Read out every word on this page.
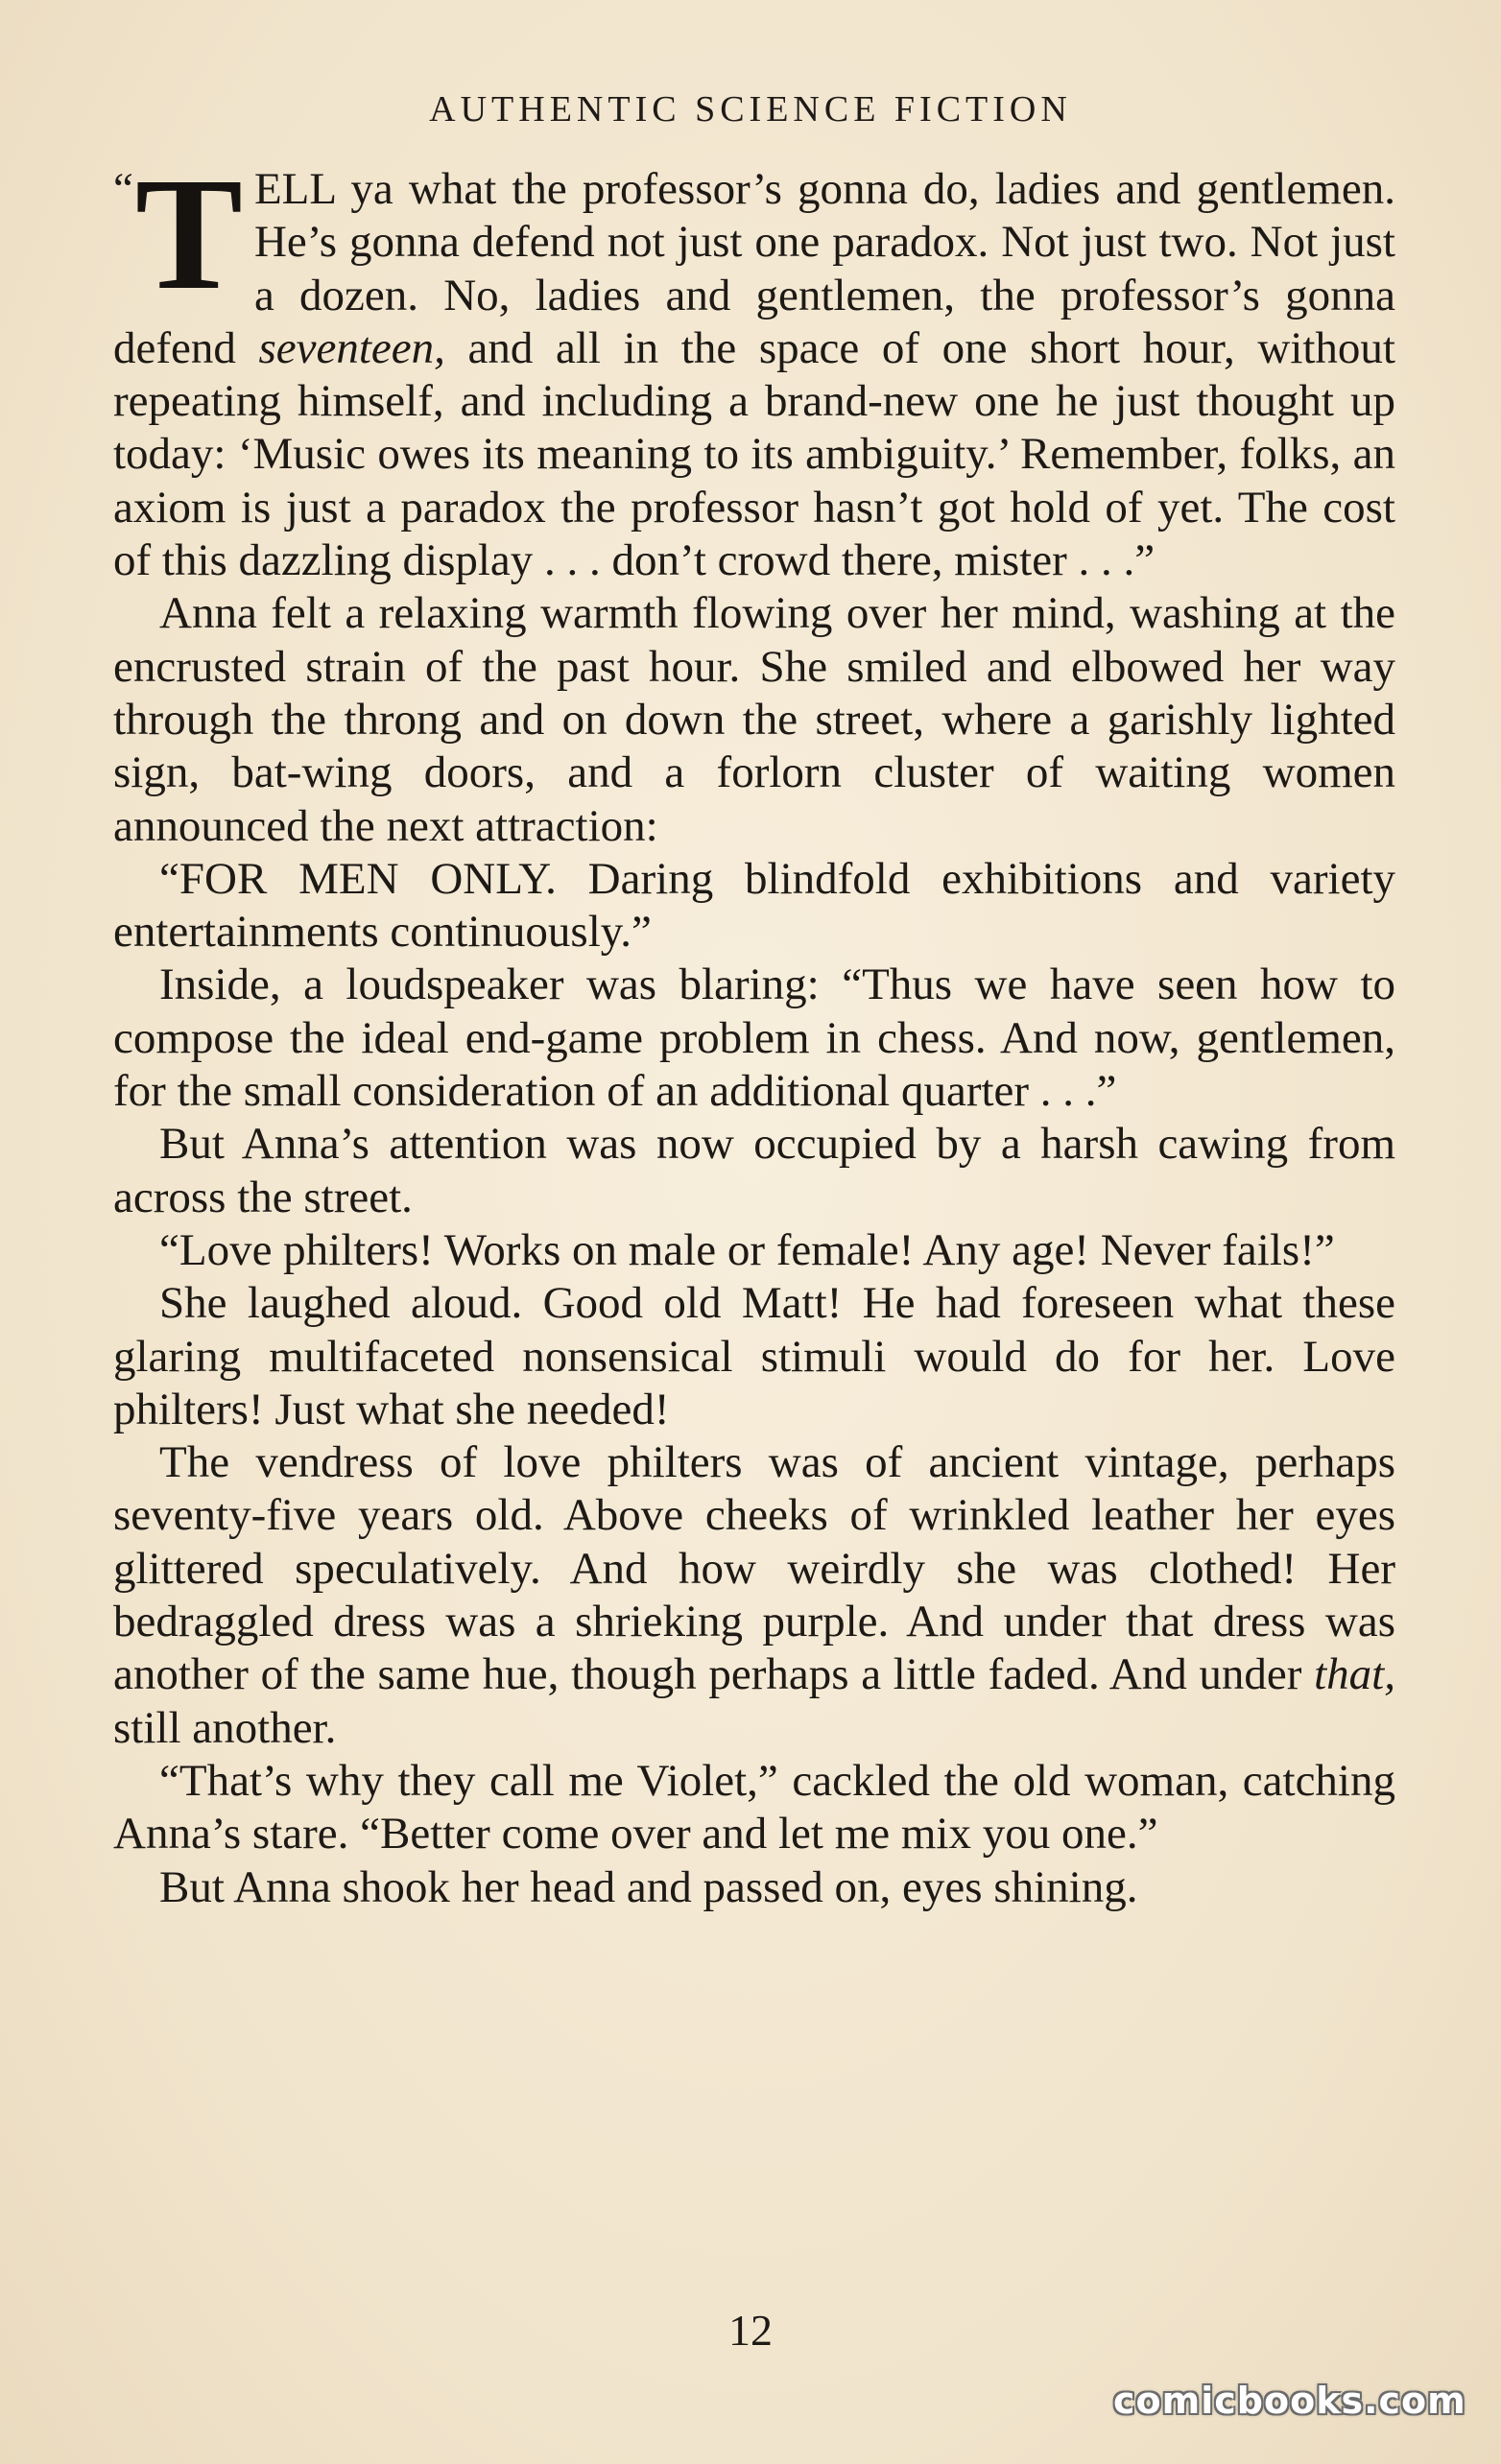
AUTHENTIC SCIENCE FICTION

“ T ELL ya what the professor’s gonna do, ladies and gentlemen. He’s gonna defend not just one paradox. Not just two. Not just a dozen. No, ladies and gentlemen, the professor’s gonna defend seventeen, and all in the space of one short hour, without repeating himself, and including a brand-new one he just thought up today: ‘Music owes its meaning to its ambiguity.’ Remember, folks, an axiom is just a paradox the professor hasn’t got hold of yet. The cost of this dazzling display . . . don’t crowd there, mister . . .”

Anna felt a relaxing warmth flowing over her mind, washing at the encrusted strain of the past hour. She smiled and elbowed her way through the throng and on down the street, where a garishly lighted sign, bat-wing doors, and a forlorn cluster of waiting women announced the next attraction:

“FOR MEN ONLY. Daring blindfold exhibitions and variety entertainments continuously.”

Inside, a loudspeaker was blaring: “Thus we have seen how to compose the ideal end-game problem in chess. And now, gentlemen, for the small consideration of an additional quarter . . .”

But Anna’s attention was now occupied by a harsh cawing from across the street.

“Love philters! Works on male or female! Any age! Never fails!”

She laughed aloud. Good old Matt! He had foreseen what these glaring multifaceted nonsensical stimuli would do for her. Love philters! Just what she needed!

The vendress of love philters was of ancient vintage, perhaps seventy-five years old. Above cheeks of wrinkled leather her eyes glittered speculatively. And how weirdly she was clothed! Her bedraggled dress was a shrieking purple. And under that dress was another of the same hue, though perhaps a little faded. And under that, still another.

“That’s why they call me Violet,” cackled the old woman, catching Anna’s stare. “Better come over and let me mix you one.”

But Anna shook her head and passed on, eyes shining.

12
comicbooks.com
